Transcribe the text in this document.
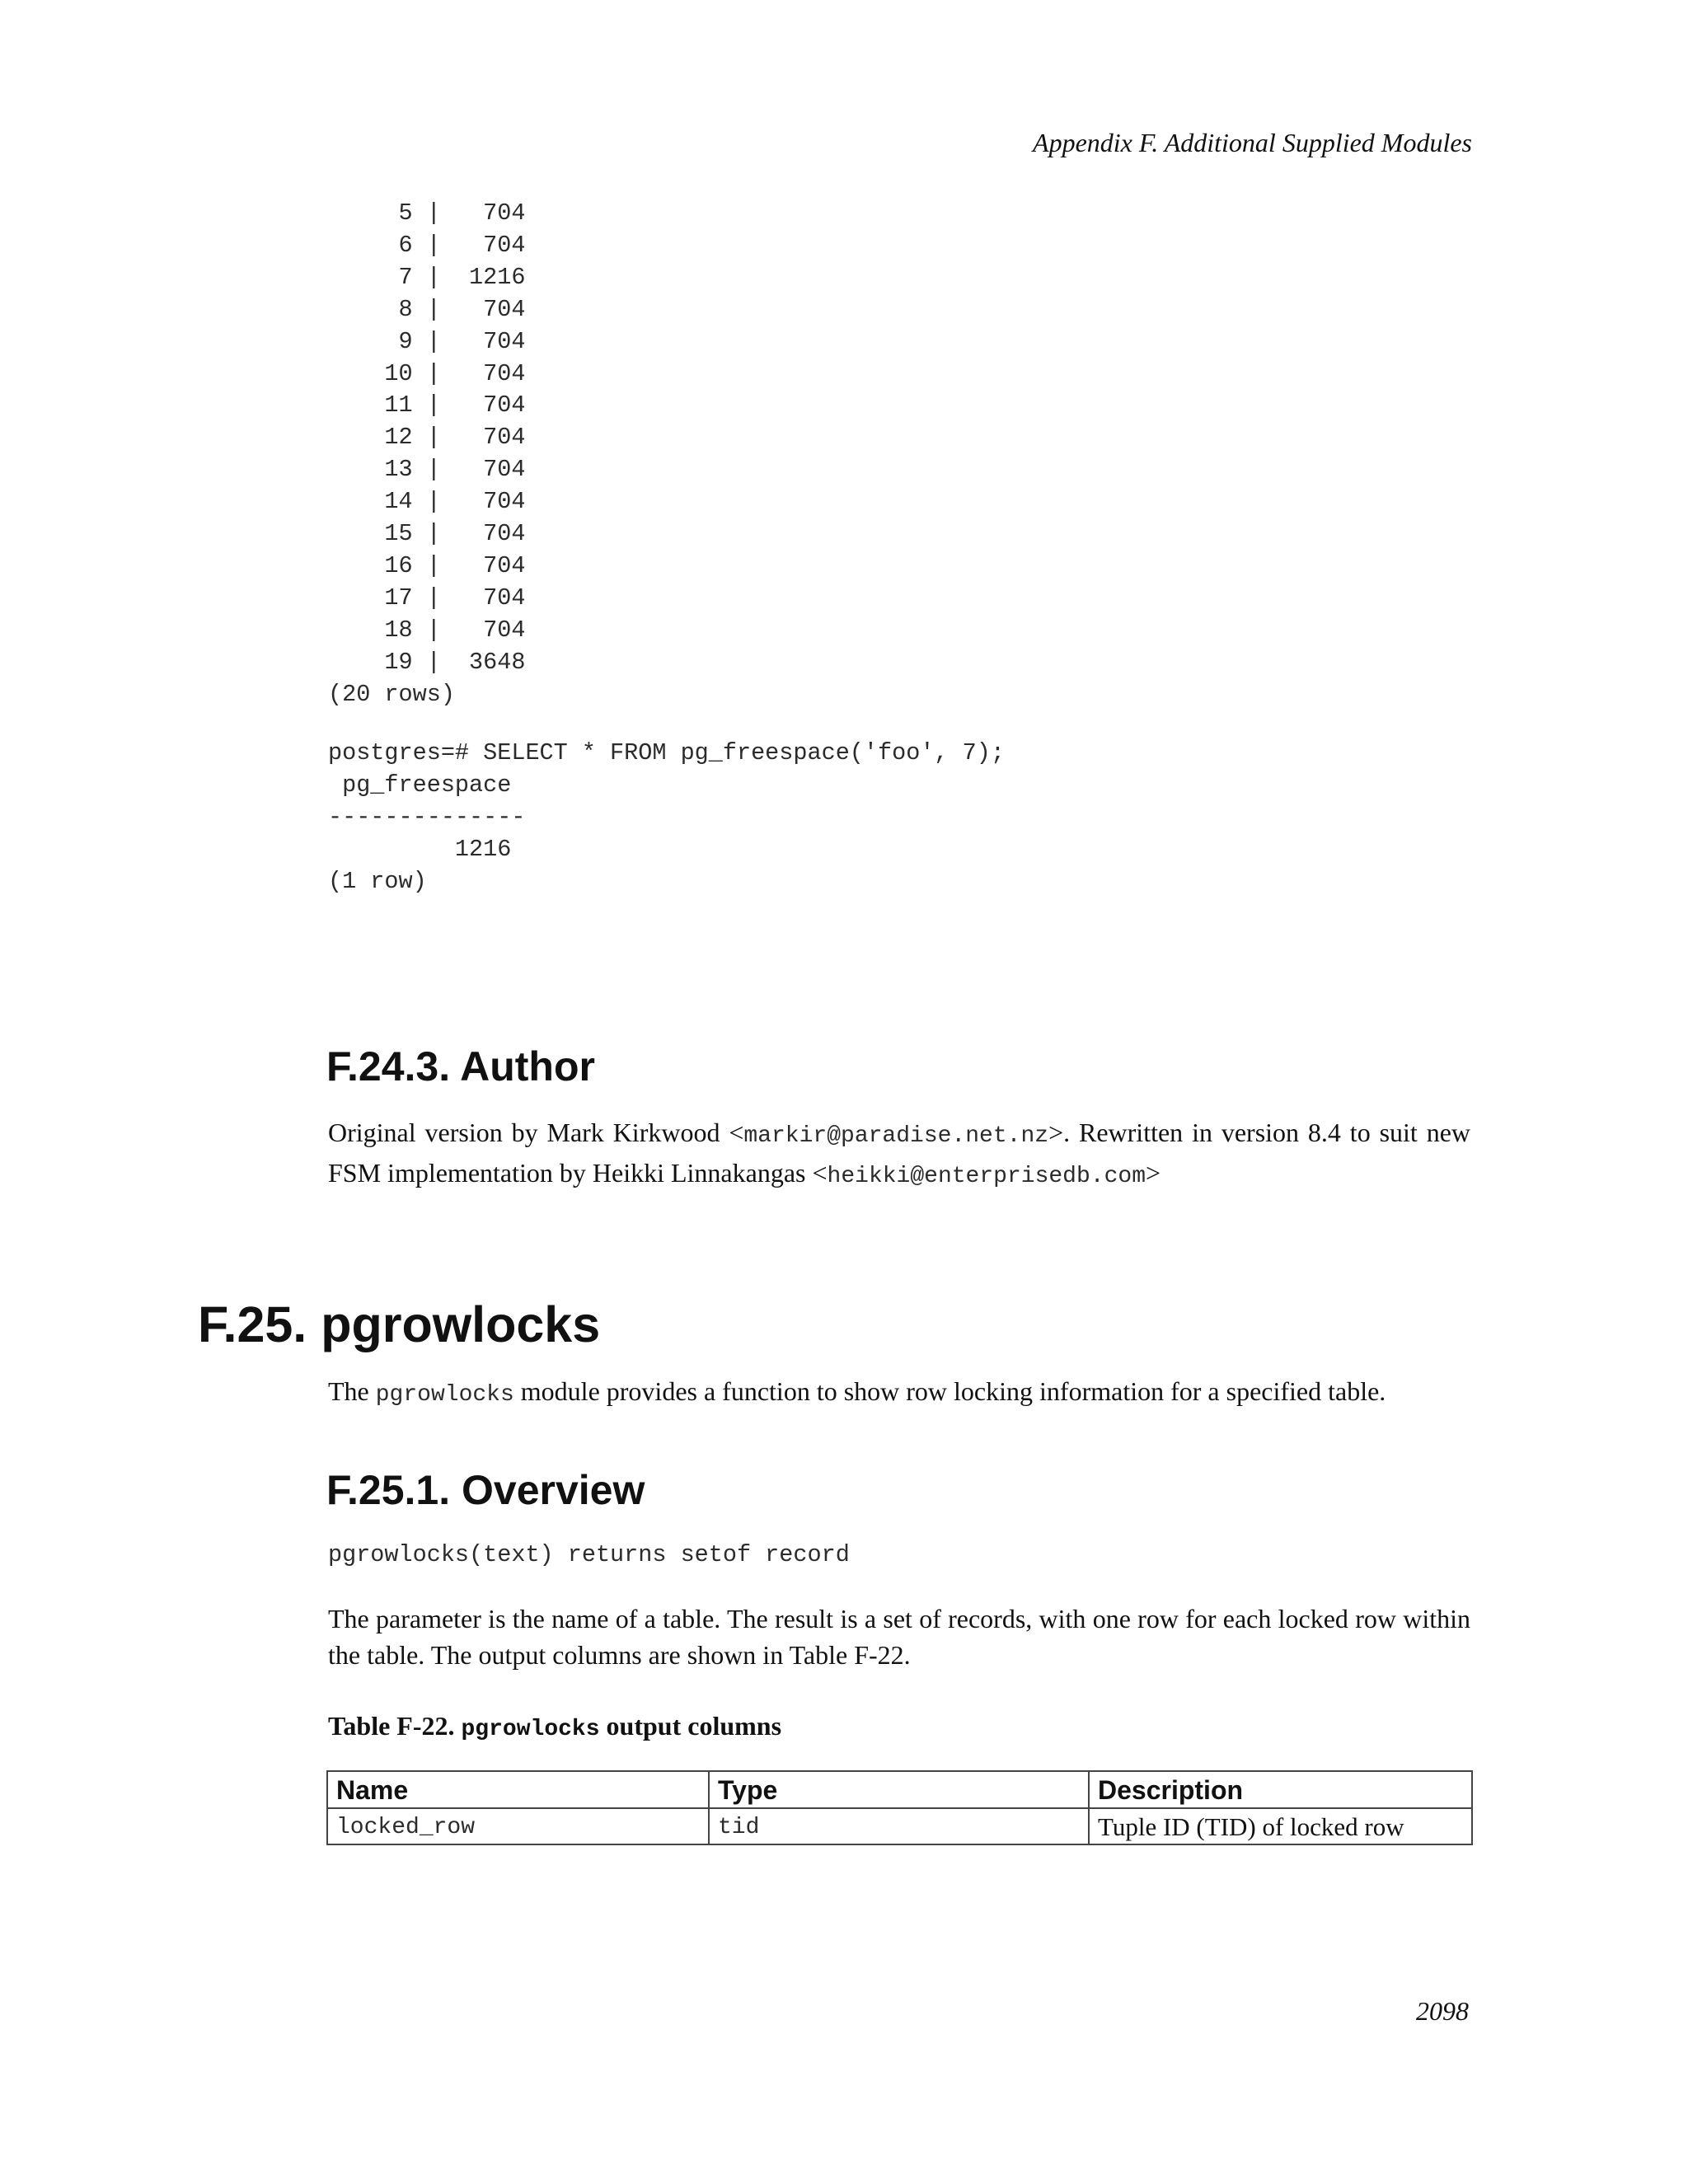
Appendix F. Additional Supplied Modules
5 |   704
6 |   704
7 |  1216
8 |   704
9 |   704
10 |   704
11 |   704
12 |   704
13 |   704
14 |   704
15 |   704
16 |   704
17 |   704
18 |   704
19 |  3648
(20 rows)
postgres=# SELECT * FROM pg_freespace('foo', 7);
pg_freespace
--------------
1216
(1 row)
F.24.3. Author

Original version by Mark Kirkwood <markir@paradise.net.nz>. Rewritten in version 8.4 to suit new FSM implementation by Heikki Linnakangas <heikki@enterprisedb.com>

F.25. pgrowlocks

The pgrowlocks module provides a function to show row locking information for a specified table.

F.25.1. Overview

pgrowlocks(text) returns setof record

The parameter is the name of a table. The result is a set of records, with one row for each locked row within the table. The output columns are shown in Table F-22.

Table F-22. pgrowlocks output columns

Name	Type	Description
locked_row	tid	Tuple ID (TID) of locked row
2098
